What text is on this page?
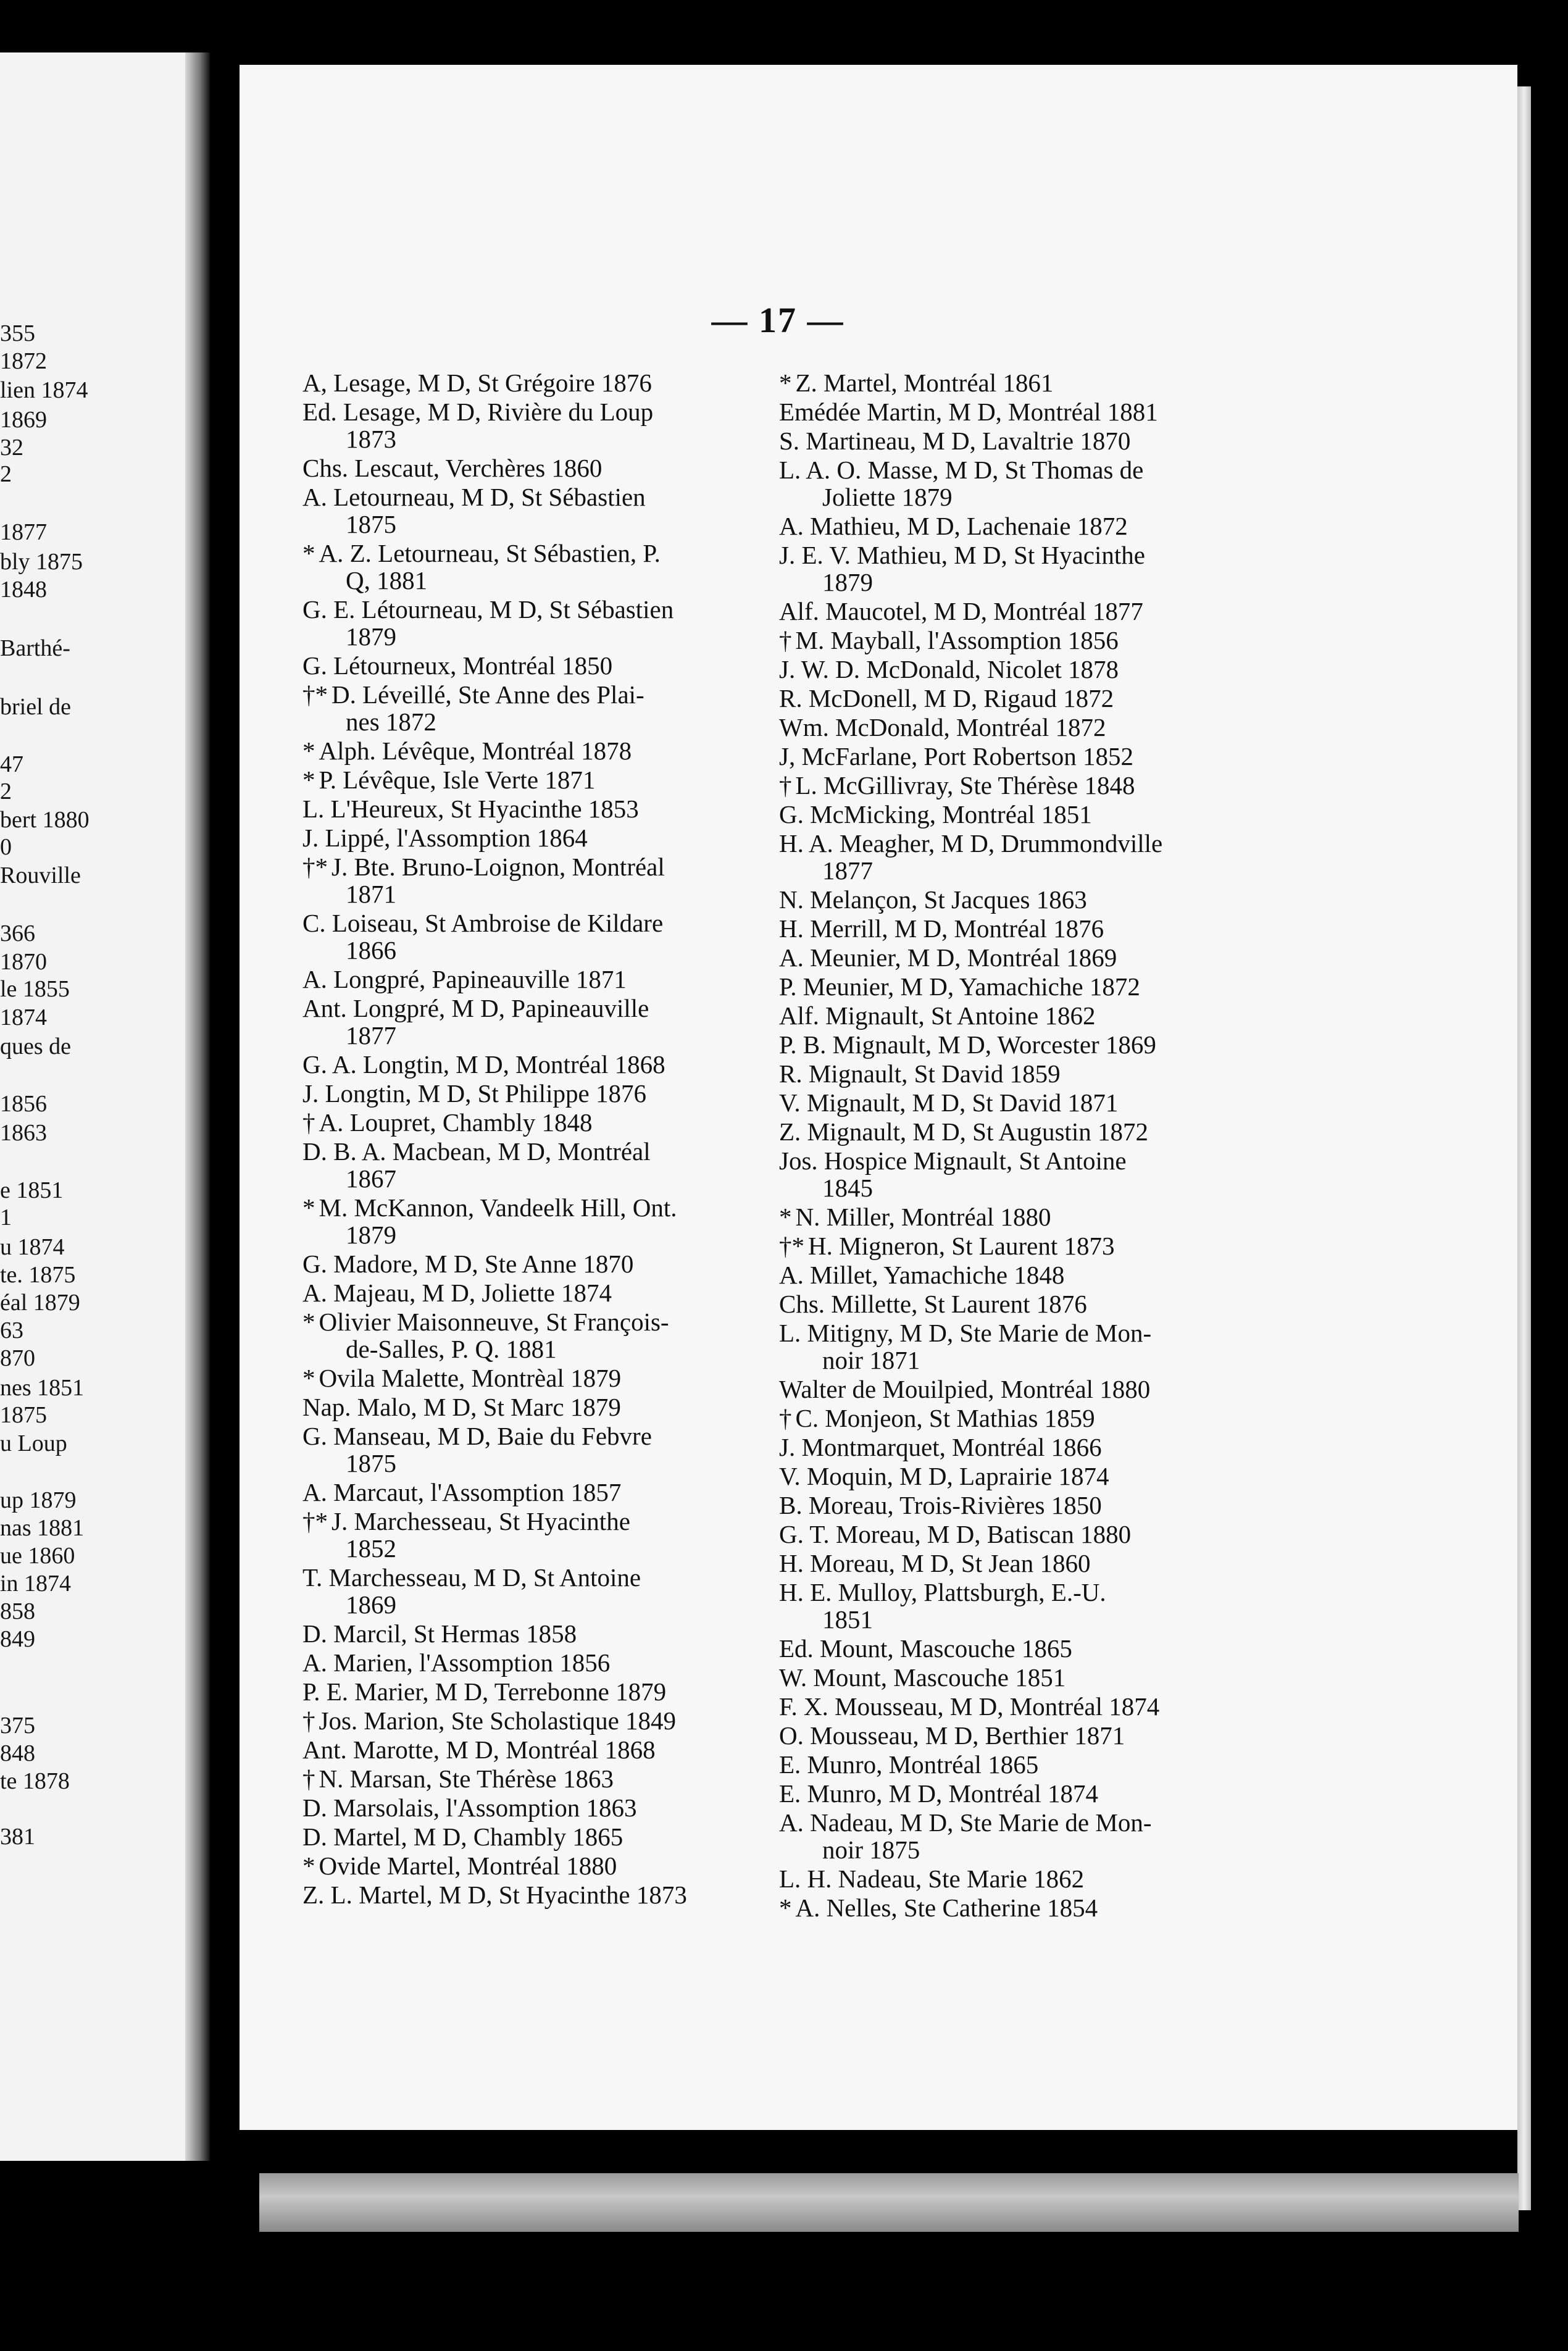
355
1872
lien 1874
1869
32
2
1877
bly 1875
1848
Barthé-
briel de
47
2
bert 1880
0
Rouville
366
1870
le 1855
1874
ques de
1856
1863
e 1851
1
u 1874
te. 1875
éal 1879
63
870
nes 1851
1875
u Loup
up 1879
nas 1881
ue 1860
in 1874
858
849
375
848
te 1878
381
— 17 —
A, Lesage, M D, St Grégoire 1876
Ed. Lesage, M D, Rivière du Loup
1873
Chs. Lescaut, Verchères 1860
A. Letourneau, M D, St Sébastien
1875
* A. Z. Letourneau, St Sébastien, P.
Q, 1881
G. E. Létourneau, M D, St Sébastien
1879
G. Létourneux, Montréal 1850
†* D. Léveillé, Ste Anne des Plai-
nes 1872
* Alph. Lévêque, Montréal 1878
* P. Lévêque, Isle Verte 1871
L. L'Heureux, St Hyacinthe 1853
J. Lippé, l'Assomption 1864
†* J. Bte. Bruno-Loignon, Montréal
1871
C. Loiseau, St Ambroise de Kildare
1866
A. Longpré, Papineauville 1871
Ant. Longpré, M D, Papineauville
1877
G. A. Longtin, M D, Montréal 1868
J. Longtin, M D, St Philippe 1876
† A. Loupret, Chambly 1848
D. B. A. Macbean, M D, Montréal
1867
* M. McKannon, Vandeelk Hill, Ont.
1879
G. Madore, M D, Ste Anne 1870
A. Majeau, M D, Joliette 1874
* Olivier Maisonneuve, St François-
de-Salles, P. Q. 1881
* Ovila Malette, Montrèal 1879
Nap. Malo, M D, St Marc 1879
G. Manseau, M D, Baie du Febvre
1875
A. Marcaut, l'Assomption 1857
†* J. Marchesseau, St Hyacinthe
1852
T. Marchesseau, M D, St Antoine
1869
D. Marcil, St Hermas 1858
A. Marien, l'Assomption 1856
P. E. Marier, M D, Terrebonne 1879
† Jos. Marion, Ste Scholastique 1849
Ant. Marotte, M D, Montréal 1868
† N. Marsan, Ste Thérèse 1863
D. Marsolais, l'Assomption 1863
D. Martel, M D, Chambly 1865
* Ovide Martel, Montréal 1880
Z. L. Martel, M D, St Hyacinthe 1873
* Z. Martel, Montréal 1861
Emédée Martin, M D, Montréal 1881
S. Martineau, M D, Lavaltrie 1870
L. A. O. Masse, M D, St Thomas de
Joliette 1879
A. Mathieu, M D, Lachenaie 1872
J. E. V. Mathieu, M D, St Hyacinthe
1879
Alf. Maucotel, M D, Montréal 1877
† M. Mayball, l'Assomption 1856
J. W. D. McDonald, Nicolet 1878
R. McDonell, M D, Rigaud 1872
Wm. McDonald, Montréal 1872
J, McFarlane, Port Robertson 1852
† L. McGillivray, Ste Thérèse 1848
G. McMicking, Montréal 1851
H. A. Meagher, M D, Drummondville
1877
N. Melançon, St Jacques 1863
H. Merrill, M D, Montréal 1876
A. Meunier, M D, Montréal 1869
P. Meunier, M D, Yamachiche 1872
Alf. Mignault, St Antoine 1862
P. B. Mignault, M D, Worcester 1869
R. Mignault, St David 1859
V. Mignault, M D, St David 1871
Z. Mignault, M D, St Augustin 1872
Jos. Hospice Mignault, St Antoine
1845
* N. Miller, Montréal 1880
†* H. Migneron, St Laurent 1873
A. Millet, Yamachiche 1848
Chs. Millette, St Laurent 1876
L. Mitigny, M D, Ste Marie de Mon-
noir 1871
Walter de Mouilpied, Montréal 1880
† C. Monjeon, St Mathias 1859
J. Montmarquet, Montréal 1866
V. Moquin, M D, Laprairie 1874
B. Moreau, Trois-Rivières 1850
G. T. Moreau, M D, Batiscan 1880
H. Moreau, M D, St Jean 1860
H. E. Mulloy, Plattsburgh, E.-U.
1851
Ed. Mount, Mascouche 1865
W. Mount, Mascouche 1851
F. X. Mousseau, M D, Montréal 1874
O. Mousseau, M D, Berthier 1871
E. Munro, Montréal 1865
E. Munro, M D, Montréal 1874
A. Nadeau, M D, Ste Marie de Mon-
noir 1875
L. H. Nadeau, Ste Marie 1862
* A. Nelles, Ste Catherine 1854
